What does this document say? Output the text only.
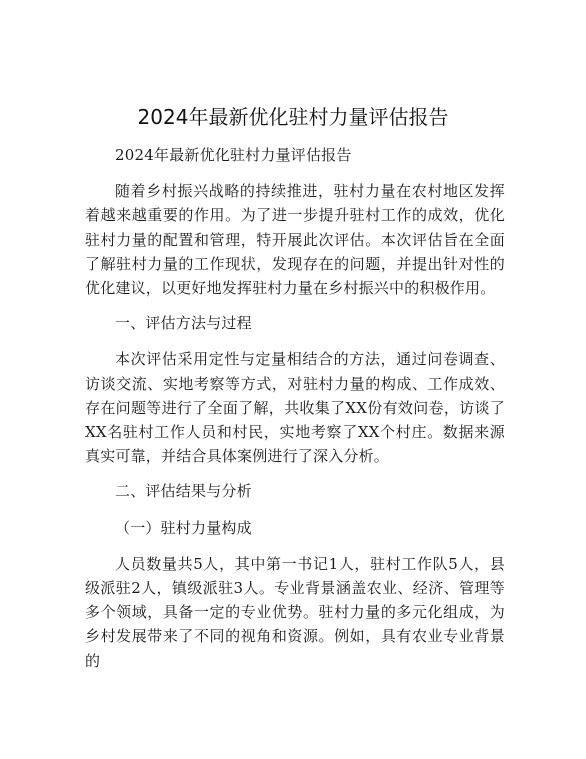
2024年最新优化驻村力量评估报告

2024年最新优化驻村力量评估报告

随着乡村振兴战略的持续推进，驻村力量在农村地区发挥着越来越重要的作用。为了进一步提升驻村工作的成效，优化驻村力量的配置和管理，特开展此次评估。本次评估旨在全面了解驻村力量的工作现状，发现存在的问题，并提出针对性的优化建议，以更好地发挥驻村力量在乡村振兴中的积极作用。

一、评估方法与过程

本次评估采用定性与定量相结合的方法，通过问卷调查、访谈交流、实地考察等方式，对驻村力量的构成、工作成效、存在问题等进行了全面了解，共收集了XX份有效问卷，访谈了XX名驻村工作人员和村民，实地考察了XX个村庄。数据来源真实可靠，并结合具体案例进行了深入分析。

二、评估结果与分析

（一）驻村力量构成

人员数量共5人，其中第一书记1人，驻村工作队5人，县级派驻2人，镇级派驻3人。专业背景涵盖农业、经济、管理等多个领域，具备一定的专业优势。驻村力量的多元化组成，为乡村发展带来了不同的视角和资源。例如，具有农业专业背景的
